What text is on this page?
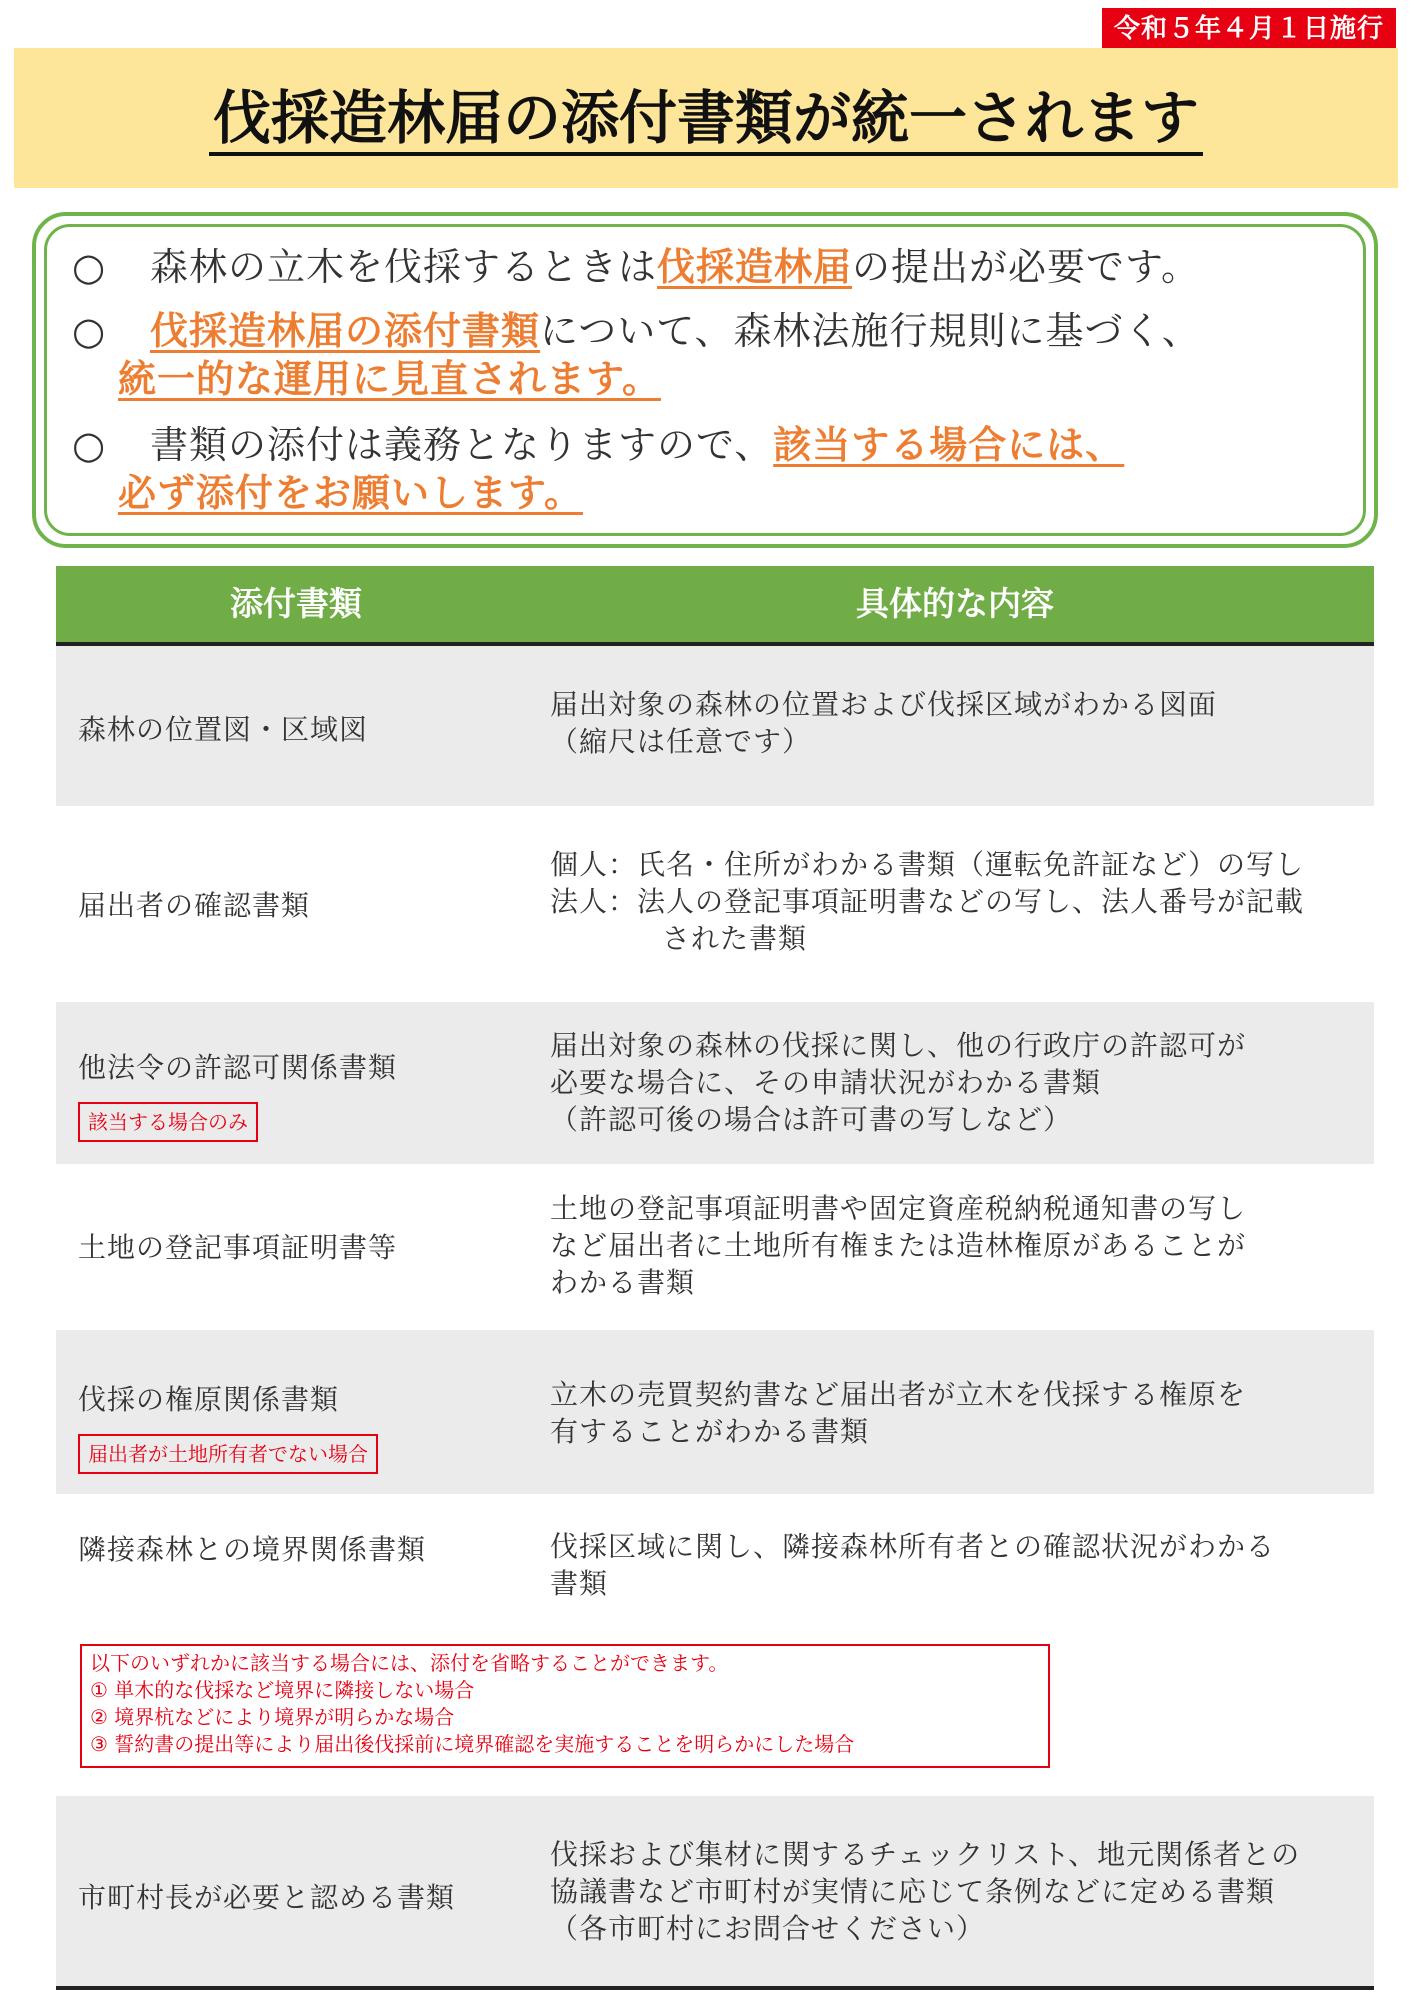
令和５年４月１日施行
伐採造林届の添付書類が統一されます
○ 森林の立木を伐採するときは伐採造林届の提出が必要です。
○ 伐採造林届の添付書類について、森林法施行規則に基づく、
統一的な運用に見直されます。
○ 書類の添付は義務となりますので、該当する場合には、
必ず添付をお願いします。
添付書類	具体的な内容
森林の位置図・区域図
届出対象の森林の位置および伐採区域がわかる図面
（縮尺は任意です）
届出者の確認書類
個人：氏名・住所がわかる書類（運転免許証など）の写し
法人：法人の登記事項証明書などの写し、法人番号が記載
された書類
他法令の許認可関係書類
該当する場合のみ
届出対象の森林の伐採に関し、他の行政庁の許認可が
必要な場合に、その申請状況がわかる書類
（許認可後の場合は許可書の写しなど）
土地の登記事項証明書等
土地の登記事項証明書や固定資産税納税通知書の写し
など届出者に土地所有権または造林権原があることが
わかる書類
伐採の権原関係書類
届出者が土地所有者でない場合
立木の売買契約書など届出者が立木を伐採する権原を
有することがわかる書類
隣接森林との境界関係書類	伐採区域に関し、隣接森林所有者との確認状況がわかる
書類
以下のいずれかに該当する場合には、添付を省略することができます。
① 単木的な伐採など境界に隣接しない場合
② 境界杭などにより境界が明らかな場合
③ 誓約書の提出等により届出後伐採前に境界確認を実施することを明らかにした場合
市町村長が必要と認める書類
伐採および集材に関するチェックリスト、地元関係者との
協議書など市町村が実情に応じて条例などに定める書類
（各市町村にお問合せください）
